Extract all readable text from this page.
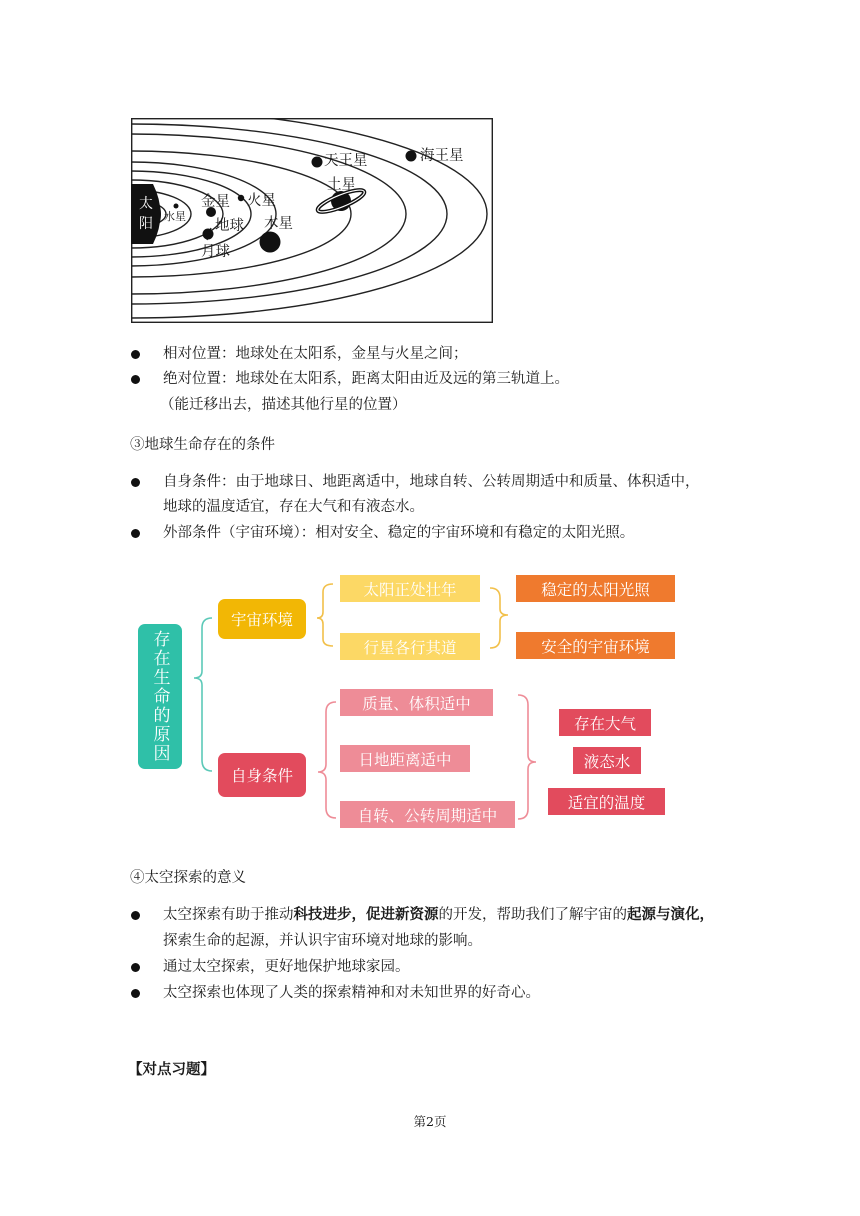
太
阳 水星
金星 火星
地球
月球
木星
土星
天王星	海王星
相对位置：地球处在太阳系，金星与火星之间；
绝对位置：地球处在太阳系，距离太阳由近及远的第三轨道上。
（能迁移出去，描述其他行星的位置）
③地球生命存在的条件
自身条件：由于地球日、地距离适中，地球自转、公转周期适中和质量、体积适中，
地球的温度适宜，存在大气和有液态水。
外部条件（宇宙环境）：相对安全、稳定的宇宙环境和有稳定的太阳光照。
存在生命的原因
宇宙环境
自身条件
太阳正处壮年
行星各行其道
稳定的太阳光照
安全的宇宙环境
质量、体积适中
日地距离适中
自转、公转周期适中
存在大气
液态水
适宜的温度
④太空探索的意义
太空探索有助于推动科技进步，促进新资源的开发，帮助我们了解宇宙的起源与演化，
探索生命的起源，并认识宇宙环境对地球的影响。
通过太空探索，更好地保护地球家园。
太空探索也体现了人类的探索精神和对未知世界的好奇心。
【对点习题】
第2页
